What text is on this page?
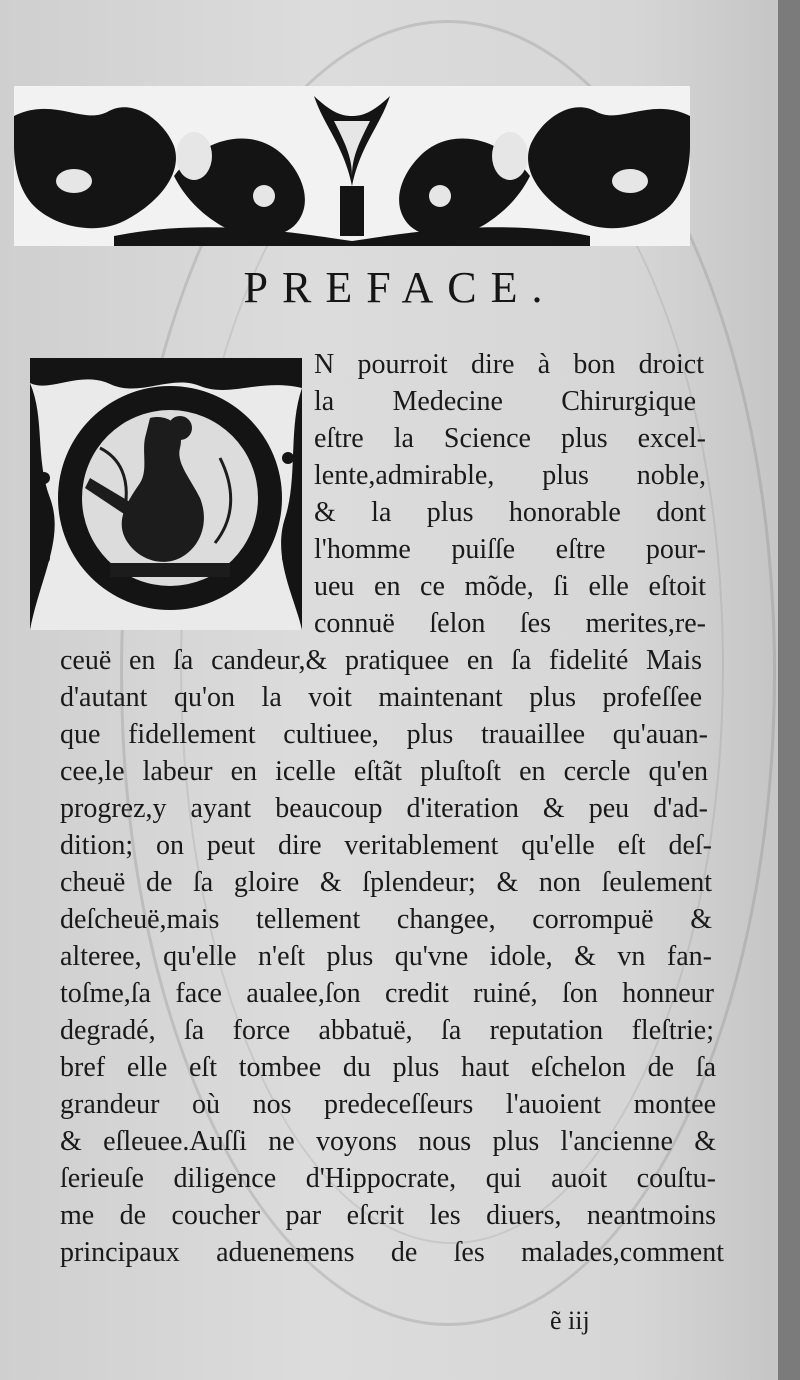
PREFACE.
N pourroit dire à bon droict
la Medecine Chirurgique
eſtre la Science plus excel-
lente,admirable, plus noble,
& la plus honorable dont
l'homme puiſſe eſtre pour-
ueu en ce mõde, ſi elle eſtoit
connuë ſelon ſes merites,re-
ceuë en ſa candeur,& pratiquee en ſa fidelité Mais
d'autant qu'on la voit maintenant plus profeſſee
que fidellement cultiuee, plus trauaillee qu'auan-
cee,le labeur en icelle eſtãt pluſtoſt en cercle qu'en
progrez,y ayant beaucoup d'iteration & peu d'ad-
dition; on peut dire veritablement qu'elle eſt deſ-
cheuë de ſa gloire & ſplendeur; & non ſeulement
deſcheuë,mais tellement changee, corrompuë &
alteree, qu'elle n'eſt plus qu'vne idole, & vn fan-
toſme,ſa face aualee,ſon credit ruiné, ſon honneur
degradé, ſa force abbatuë, ſa reputation fleſtrie;
bref elle eſt tombee du plus haut eſchelon de ſa
grandeur où nos predeceſſeurs l'auoient montee
& eſleuee.Auſſi ne voyons nous plus l'ancienne &
ſerieuſe diligence d'Hippocrate, qui auoit couſtu-
me de coucher par eſcrit les diuers, neantmoins
principaux aduenemens de ſes malades,comment
ẽ iij
